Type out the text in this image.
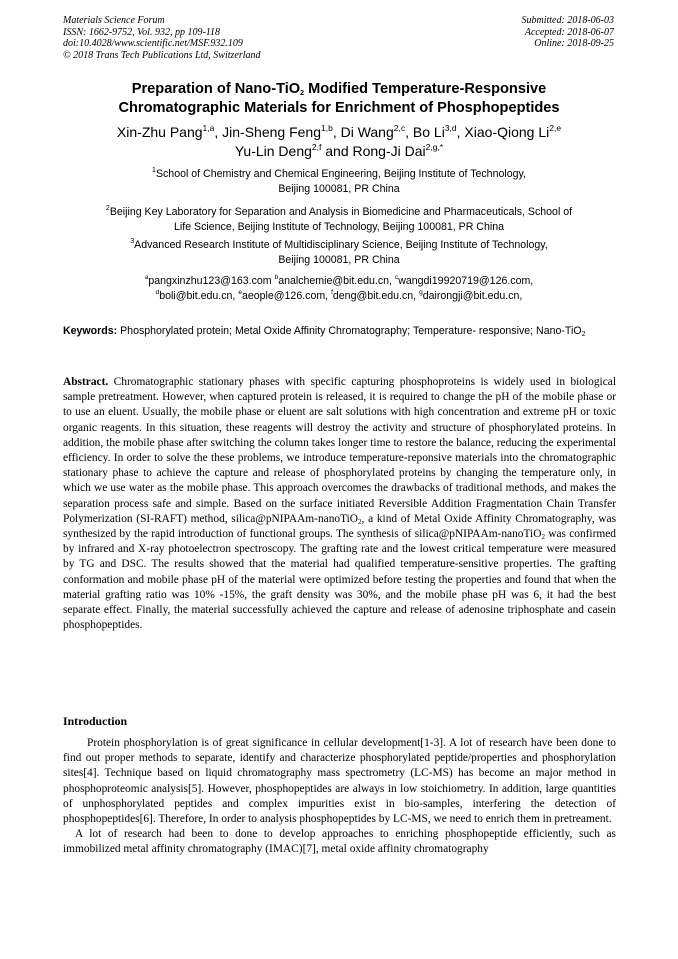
Materials Science Forum
ISSN: 1662-9752, Vol. 932, pp 109-118
doi:10.4028/www.scientific.net/MSF.932.109
© 2018 Trans Tech Publications Ltd, Switzerland
Submitted: 2018-06-03
Accepted: 2018-06-07
Online: 2018-09-25
Preparation of Nano-TiO$_2$ Modified Temperature-Responsive
Chromatographic Materials for Enrichment of Phosphopeptides
Xin-Zhu Pang$^{1,a}$, Jin-Sheng Feng$^{1,b}$, Di Wang$^{2,c}$, Bo Li$^{3,d}$, Xiao-Qiong Li$^{2,e}$
Yu-Lin Deng$^{2,f}$ and Rong-Ji Dai$^{2,g,*}$
$^1$School of Chemistry and Chemical Engineering, Beijing Institute of Technology,
Beijing 100081, PR China
$^2$Beijing Key Laboratory for Separation and Analysis in Biomedicine and Pharmaceuticals, School of
Life Science, Beijing Institute of Technology, Beijing 100081, PR China
$^3$Advanced Research Institute of Multidisciplinary Science, Beijing Institute of Technology,
Beijing 100081, PR China
$^a$pangxinzhu123@163.com $^b$analchemie@bit.edu.cn, $^c$wangdi19920719@126.com,
$^d$boli@bit.edu.cn, $^e$aeople@126.com, $^f$deng@bit.edu.cn, $^g$dairongji@bit.edu.cn,
Keywords: Phosphorylated protein; Metal Oxide Affinity Chromatography; Temperature- responsive; Nano-TiO$_2$
Abstract. Chromatographic stationary phases with specific capturing phosphoproteins is widely used in biological sample pretreatment. However, when captured protein is released, it is required to change the pH of the mobile phase or to use an eluent. Usually, the mobile phase or eluent are salt solutions with high concentration and extreme pH or toxic organic reagents. In this situation, these reagents will destroy the activity and structure of phosphorylated proteins. In addition, the mobile phase after switching the column takes longer time to restore the balance, reducing the experimental efficiency. In order to solve the these problems, we introduce temperature-reponsive materials into the chromatographic stationary phase to achieve the capture and release of phosphorylated proteins by changing the temperature only, in which we use water as the mobile phase. This approach overcomes the drawbacks of traditional methods, and makes the separation process safe and simple. Based on the surface initiated Reversible Addition Fragmentation Chain Transfer Polymerization (SI-RAFT) method, silica@pNIPAAm-nanoTiO$_2$, a kind of Metal Oxide Affinity Chromatography, was synthesized by the rapid introduction of functional groups. The synthesis of silica@pNIPAAm-nanoTiO$_2$ was confirmed by infrared and X-ray photoelectron spectroscopy. The grafting rate and the lowest critical temperature were measured by TG and DSC. The results showed that the material had qualified temperature-sensitive properties. The grafting conformation and mobile phase pH of the material were optimized before testing the properties and found that when the material grafting ratio was 10% -15%, the graft density was 30%, and the mobile phase pH was 6, it had the best separate effect. Finally, the material successfully achieved the capture and release of adenosine triphosphate and casein phosphopeptides.
Introduction

Protein phosphorylation is of great significance in cellular development[1-3]. A lot of research have been done to find out proper methods to separate, identify and characterize phosphorylated peptide/properties and phosphorylation sites[4]. Technique based on liquid chromatography mass spectrometry (LC-MS) has become an major method in phosphoproteomic analysis[5]. However, phosphopeptides are always in low stoichiometry. In addition, large quantities of unphosphorylated peptides and complex impurities exist in bio-samples, interfering the detection of phosphopeptides[6]. Therefore, In order to analysis phosphopeptides by LC-MS, we need to enrich them in pretreament.

A lot of research had been to done to develop approaches to enriching phosphopeptide efficiently, such as immobilized metal affinity chromatography (IMAC)[7], metal oxide affinity chromatography
